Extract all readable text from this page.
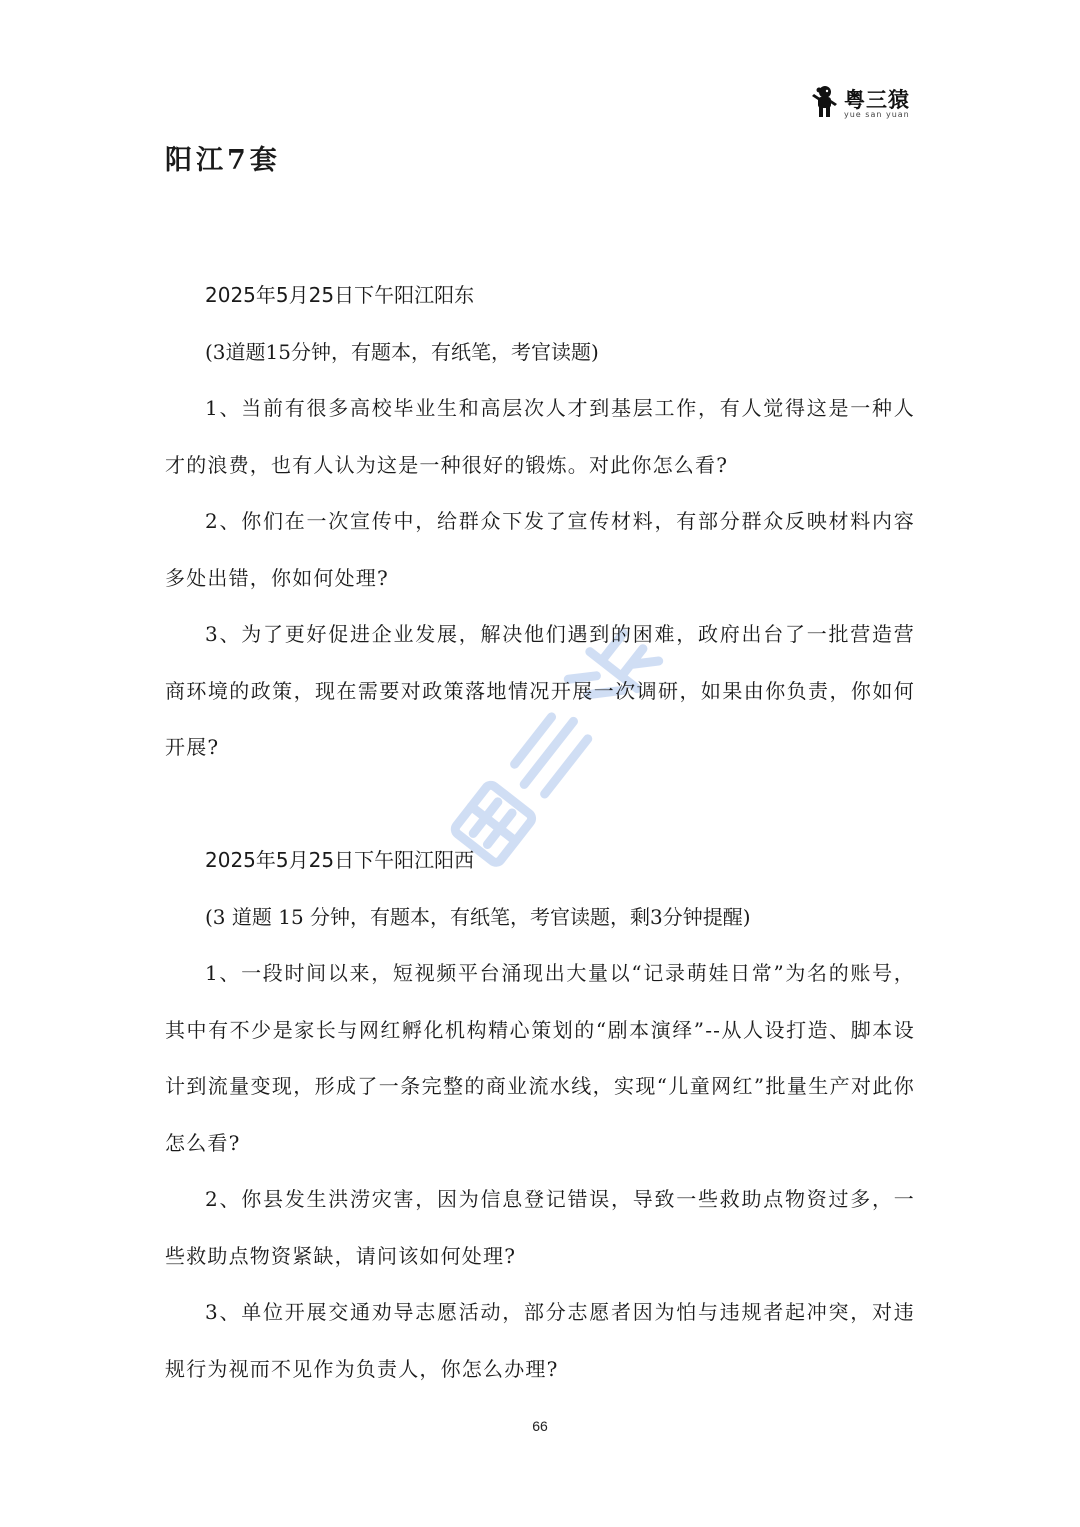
粤三猿
yue san yuan
阳江7套
2025年5月25日下午阳江阳东
(3道题15分钟，有题本，有纸笔，考官读题)
1、当前有很多高校毕业生和高层次人才到基层工作，有人觉得这是一种人才的浪费，也有人认为这是一种很好的锻炼。对此你怎么看?
2、你们在一次宣传中，给群众下发了宣传材料，有部分群众反映材料内容多处出错，你如何处理?
3、为了更好促进企业发展，解决他们遇到的困难，政府出台了一批营造营商环境的政策，现在需要对政策落地情况开展一次调研，如果由你负责，你如何开展?
2025年5月25日下午阳江阳西
(3 道题 15 分钟，有题本，有纸笔，考官读题，剩3分钟提醒)
1、一段时间以来，短视频平台涌现出大量以“记录萌娃日常”为名的账号，其中有不少是家长与网红孵化机构精心策划的“剧本演绎”--从人设打造、脚本设计到流量变现，形成了一条完整的商业流水线，实现“儿童网红”批量生产对此你怎么看?
2、你县发生洪涝灾害，因为信息登记错误，导致一些救助点物资过多，一些救助点物资紧缺，请问该如何处理?
3、单位开展交通劝导志愿活动，部分志愿者因为怕与违规者起冲突，对违规行为视而不见作为负责人，你怎么办理?
66
